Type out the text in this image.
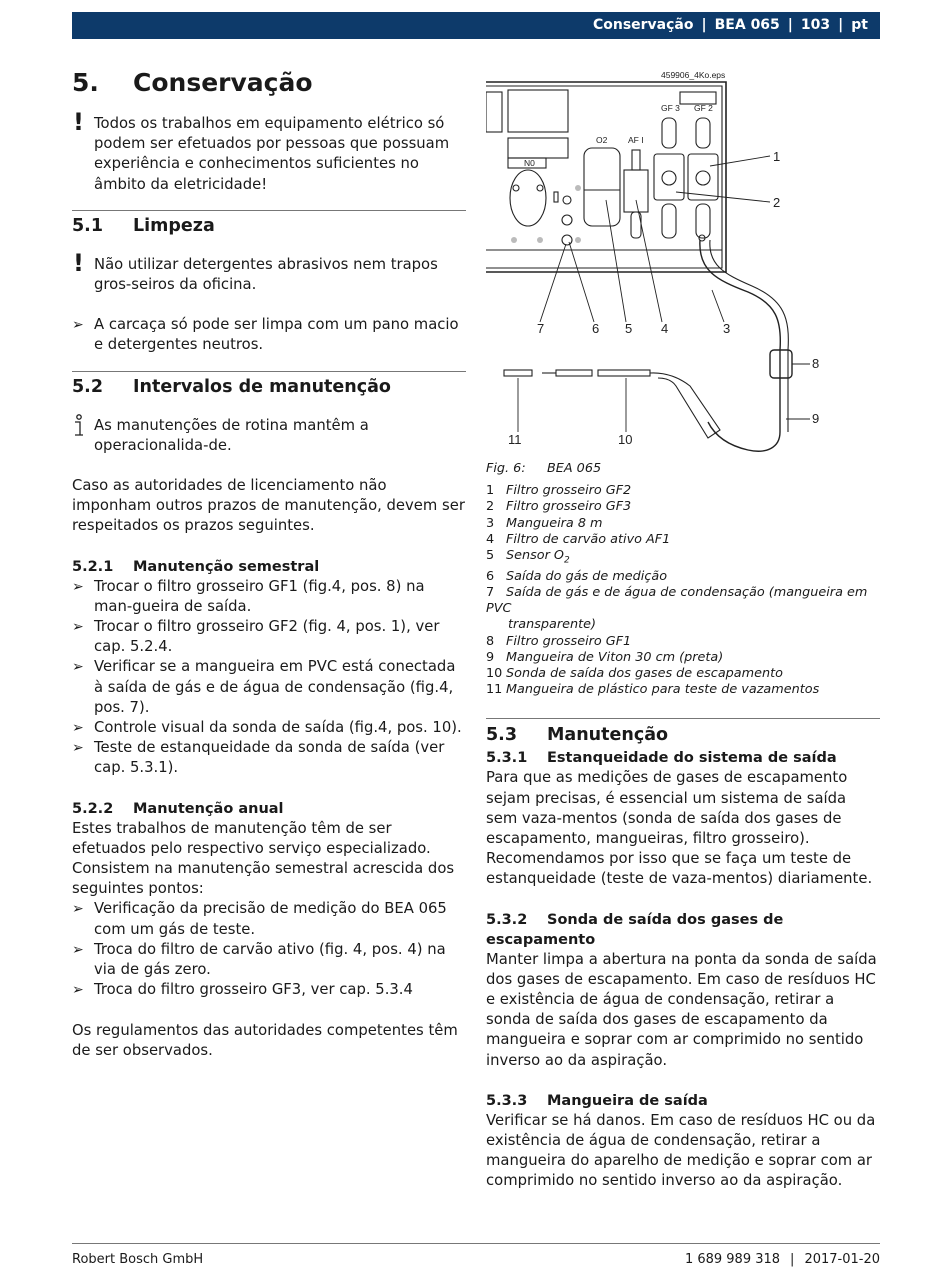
Conservação | BEA 065 | 103 | pt
5. Conservação
! Todos os trabalhos em equipamento elétrico só podem ser efetuados por pessoas que possuam experiência e conhecimentos suficientes no âmbito da eletricidade!
5.1 Limpeza
! Não utilizar detergentes abrasivos nem trapos gros-seiros da oficina.
➢ A carcaça só pode ser limpa com um pano macio e detergentes neutros.
5.2 Intervalos de manutenção
As manutenções de rotina mantêm a operacionalida-de.
Caso as autoridades de licenciamento não imponham outros prazos de manutenção, devem ser respeitados os prazos seguintes.
5.2.1 Manutenção semestral
➢ Trocar o filtro grosseiro GF1 (fig.4, pos. 8) na man-gueira de saída.
➢ Trocar o filtro grosseiro GF2 (fig. 4, pos. 1), ver cap. 5.2.4.
➢ Verificar se a mangueira em PVC está conectada à saída de gás e de água de condensação (fig.4, pos. 7).
➢ Controle visual da sonda de saída (fig.4, pos. 10).
➢ Teste de estanqueidade da sonda de saída (ver cap. 5.3.1).
5.2.2 Manutenção anual
Estes trabalhos de manutenção têm de ser efetuados pelo respectivo serviço especializado. Consistem na manutenção semestral acrescida dos seguintes pontos:
➢ Verificação da precisão de medição do BEA 065 com um gás de teste.
➢ Troca do filtro de carvão ativo (fig. 4, pos. 4) na via de gás zero.
➢ Troca do filtro grosseiro GF3, ver cap. 5.3.4
Os regulamentos das autoridades competentes têm de ser observados.
459906_4Ko.eps
GF 3 GF 2
O2 AF I
N0	1
2
3
4
5
6
7
8
9
10
11
Fig. 6: BEA 065
1 Filtro grosseiro GF2
2 Filtro grosseiro GF3
3 Mangueira 8 m
4 Filtro de carvão ativo AF1
5 Sensor $O_2$
6 Saída do gás de medição
7 Saída de gás e de água de condensação (mangueira em PVC
transparente)
8 Filtro grosseiro GF1
9 Mangueira de Viton 30 cm (preta)
10 Sonda de saída dos gases de escapamento
11 Mangueira de plástico para teste de vazamentos
5.3 Manutenção
5.3.1 Estanqueidade do sistema de saída
Para que as medições de gases de escapamento sejam precisas, é essencial um sistema de saída sem vaza-mentos (sonda de saída dos gases de escapamento, mangueiras, filtro grosseiro). Recomendamos por isso que se faça um teste de estanqueidade (teste de vaza-mentos) diariamente.
5.3.2 Sonda de saída dos gases de escapamento
Manter limpa a abertura na ponta da sonda de saída dos gases de escapamento. Em caso de resíduos HC e existência de água de condensação, retirar a sonda de saída dos gases de escapamento da mangueira e soprar com ar comprimido no sentido inverso ao da aspiração.
5.3.3 Mangueira de saída
Verificar se há danos. Em caso de resíduos HC ou da existência de água de condensação, retirar a mangueira do aparelho de medição e soprar com ar comprimido no sentido inverso ao da aspiração.
Robert Bosch GmbH	1 689 989 318 | 2017-01-20
